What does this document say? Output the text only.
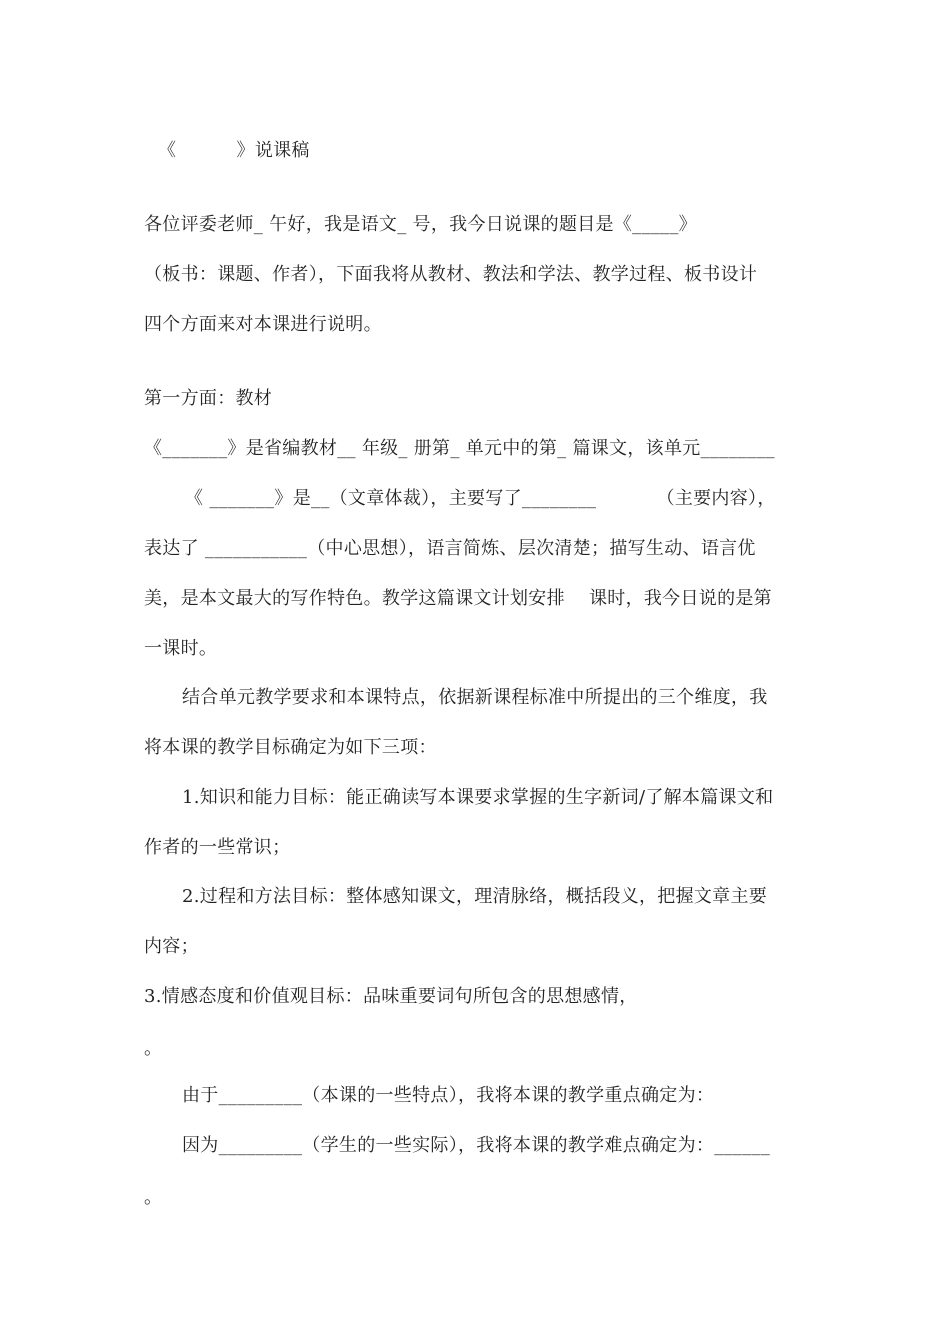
《          》说课稿
各位评委老师_ 午好，我是语文_ 号，我今日说课的题目是《_____》
（板书：课题、作者），下面我将从教材、教法和学法、教学过程、板书设计
四个方面来对本课进行说明。
第一方面：教材
《_______》是省编教材__ 年级_ 册第_ 单元中的第_ 篇课文，该单元________
《 _______》是__（文章体裁），主要写了________          （主要内容），
表达了 ___________（中心思想），语言简炼、层次清楚；描写生动、语言优
美，是本文最大的写作特色。教学这篇课文计划安排    课时，我今日说的是第
一课时。
结合单元教学要求和本课特点，依据新课程标准中所提出的三个维度，我
将本课的教学目标确定为如下三项：
1.知识和能力目标：能正确读写本课要求掌握的生字新词/了解本篇课文和
作者的一些常识；
2.过程和方法目标：整体感知课文，理清脉络，概括段义，把握文章主要
内容；
3.情感态度和价值观目标：品味重要词句所包含的思想感情，
。
由于_________（本课的一些特点），我将本课的教学重点确定为：
因为_________（学生的一些实际），我将本课的教学难点确定为：______
。
